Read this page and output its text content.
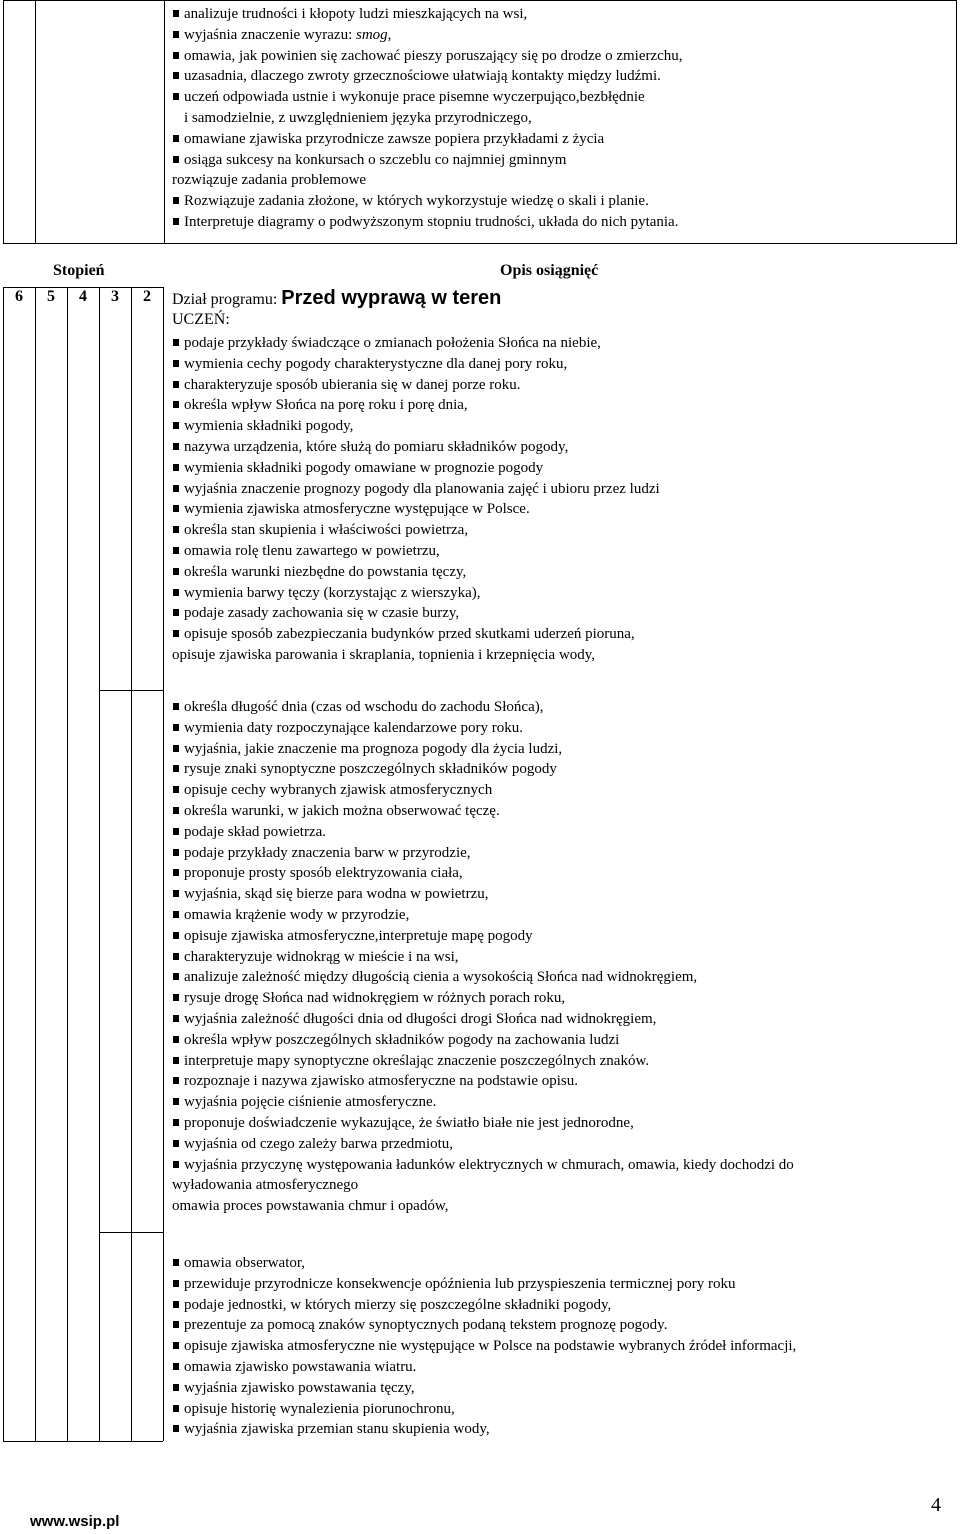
analizuje trudności i kłopoty ludzi mieszkających na wsi,
wyjaśnia znaczenie wyrazu: smog,
omawia, jak powinien się zachować pieszy poruszający się po drodze o zmierzchu,
uzasadnia, dlaczego zwroty grzecznościowe ułatwiają kontakty między ludźmi.
uczeń odpowiada ustnie i wykonuje prace pisemne wyczerpująco,bezbłędnie
i samodzielnie, z uwzględnieniem języka przyrodniczego,
omawiane zjawiska przyrodnicze zawsze popiera przykładami z życia
osiąga sukcesy na konkursach o szczeblu co najmniej gminnym
rozwiązuje zadania problemowe
Rozwiązuje zadania złożone, w których wykorzystuje wiedzę o skali i planie.
Interpretuje diagramy o podwyższonym stopniu trudności, układa do nich pytania.
Stopień	Opis osiągnięć
6	5	4	3	2	Dział programu: Przed wyprawą w teren
UCZEŃ:
podaje przykłady świadczące o zmianach położenia Słońca na niebie,
wymienia cechy pogody charakterystyczne dla danej pory roku,
charakteryzuje sposób ubierania się w danej porze roku.
określa wpływ Słońca na porę roku i porę dnia,
wymienia składniki pogody,
nazywa urządzenia, które służą do pomiaru składników pogody,
wymienia składniki pogody omawiane w prognozie pogody
wyjaśnia znaczenie prognozy pogody dla planowania zajęć i ubioru przez ludzi
wymienia zjawiska atmosferyczne występujące w Polsce.
określa stan skupienia i właściwości powietrza,
omawia rolę tlenu zawartego w powietrzu,
określa warunki niezbędne do powstania tęczy,
wymienia barwy tęczy (korzystając z wierszyka),
podaje zasady zachowania się w czasie burzy,
opisuje sposób zabezpieczania budynków przed skutkami uderzeń pioruna,
opisuje zjawiska parowania i skraplania, topnienia i krzepnięcia wody,
określa długość dnia (czas od wschodu do zachodu Słońca),
wymienia daty rozpoczynające kalendarzowe pory roku.
wyjaśnia, jakie znaczenie ma prognoza pogody dla życia ludzi,
rysuje znaki synoptyczne poszczególnych składników pogody
opisuje cechy wybranych zjawisk atmosferycznych
określa warunki, w jakich można obserwować tęczę.
podaje skład powietrza.
podaje przykłady znaczenia barw w przyrodzie,
proponuje prosty sposób elektryzowania ciała,
wyjaśnia, skąd się bierze para wodna w powietrzu,
omawia krążenie wody w przyrodzie,
opisuje zjawiska atmosferyczne,interpretuje mapę pogody
charakteryzuje widnokrąg w mieście i na wsi,
analizuje zależność między długością cienia a wysokością Słońca nad widnokręgiem,
rysuje drogę Słońca nad widnokręgiem w różnych porach roku,
wyjaśnia zależność długości dnia od długości drogi Słońca nad widnokręgiem,
określa wpływ poszczególnych składników pogody na zachowania ludzi
interpretuje mapy synoptyczne określając znaczenie poszczególnych znaków.
rozpoznaje i nazywa zjawisko atmosferyczne na podstawie opisu.
wyjaśnia pojęcie ciśnienie atmosferyczne.
proponuje doświadczenie wykazujące, że światło białe nie jest jednorodne,
wyjaśnia od czego zależy barwa przedmiotu,
wyjaśnia przyczynę występowania ładunków elektrycznych w chmurach, omawia, kiedy dochodzi do
wyładowania atmosferycznego
omawia proces powstawania chmur i opadów,
omawia obserwator,
przewiduje przyrodnicze konsekwencje opóźnienia lub przyspieszenia termicznej pory roku
podaje jednostki, w których mierzy się poszczególne składniki pogody,
prezentuje za pomocą znaków synoptycznych podaną tekstem prognozę pogody.
opisuje zjawiska atmosferyczne nie występujące w Polsce na podstawie wybranych źródeł informacji,
omawia zjawisko powstawania wiatru.
wyjaśnia zjawisko powstawania tęczy,
opisuje historię wynalezienia piorunochronu,
wyjaśnia zjawiska przemian stanu skupienia wody,
www.wsip.pl
4
